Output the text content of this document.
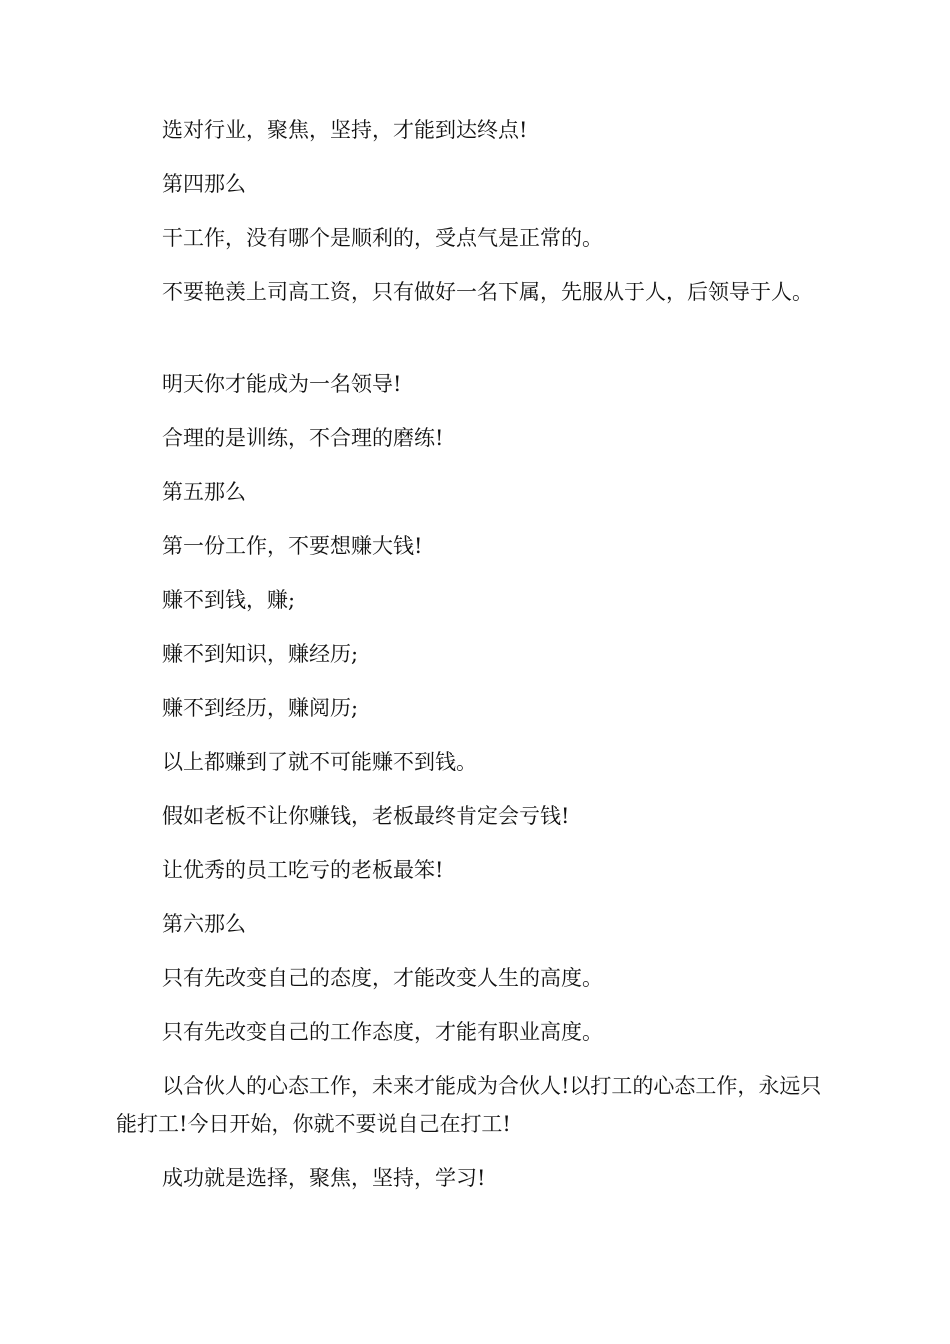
选对行业，聚焦，坚持，才能到达终点!

第四那么

干工作，没有哪个是顺利的，受点气是正常的。

不要艳羡上司高工资，只有做好一名下属，先服从于人，后领导于人。

明天你才能成为一名领导!

合理的是训练，不合理的磨练!

第五那么

第一份工作，不要想赚大钱!

赚不到钱，赚;

赚不到知识，赚经历;

赚不到经历，赚阅历;

以上都赚到了就不可能赚不到钱。

假如老板不让你赚钱，老板最终肯定会亏钱!

让优秀的员工吃亏的老板最笨!

第六那么

只有先改变自己的态度，才能改变人生的高度。

只有先改变自己的工作态度，才能有职业高度。

以合伙人的心态工作，未来才能成为合伙人!以打工的心态工作，永远只能打工!今日开始，你就不要说自己在打工!

成功就是选择，聚焦，坚持，学习!
